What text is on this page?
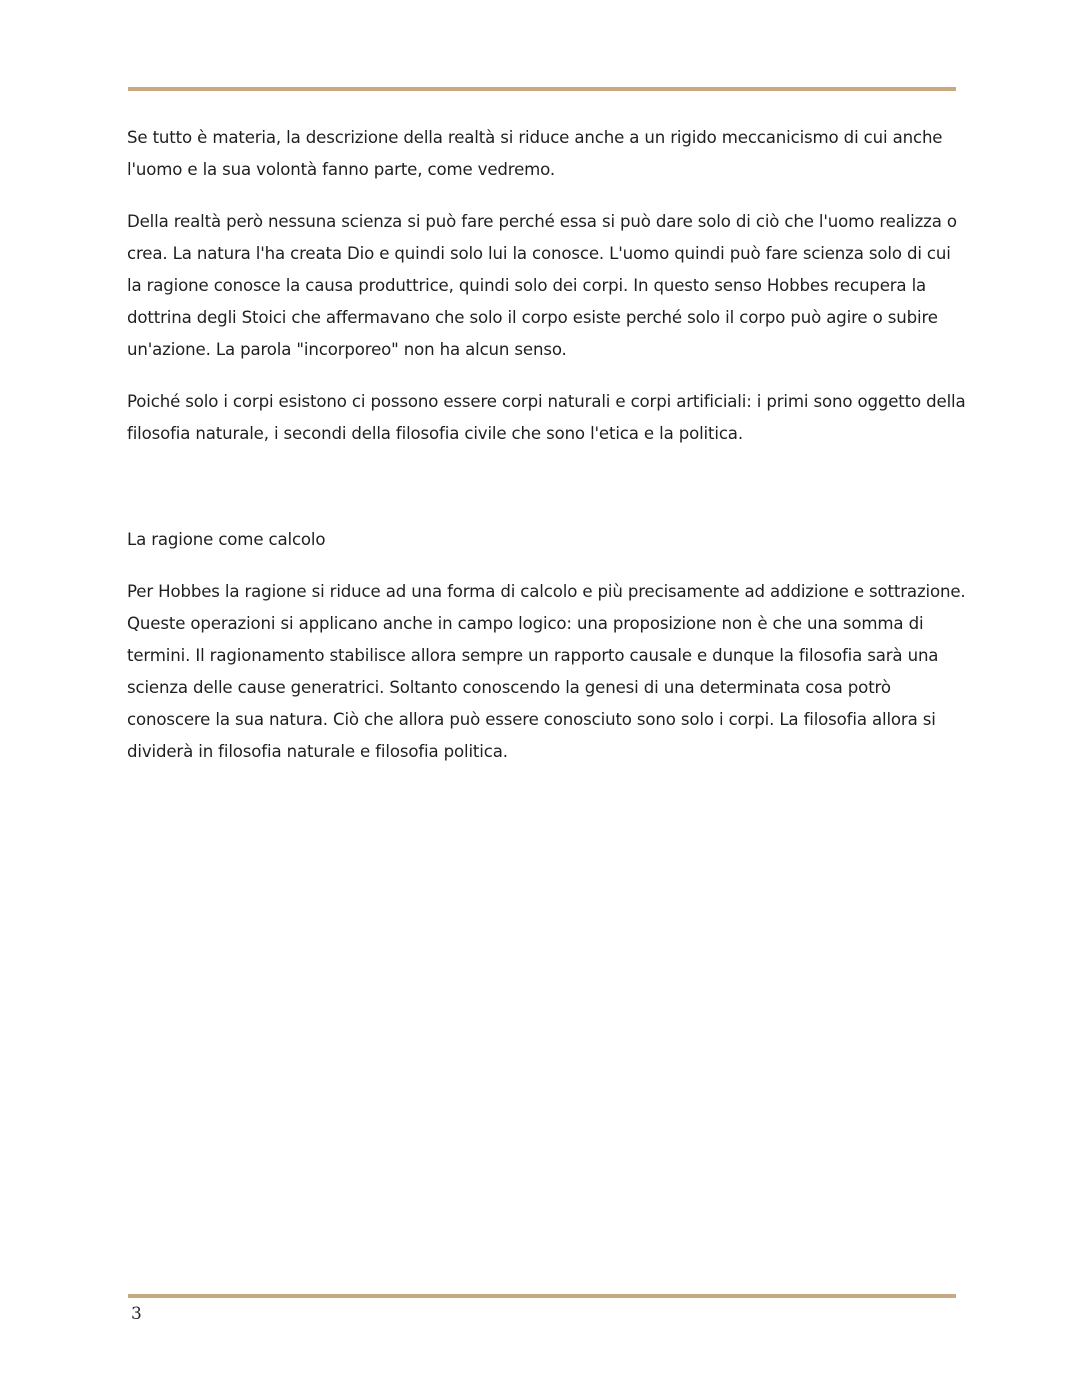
Se tutto è materia, la descrizione della realtà si riduce anche a un rigido meccanicismo di cui anche l'uomo e la sua volontà fanno parte, come vedremo.

Della realtà però nessuna scienza si può fare perché essa si può dare solo di ciò che l'uomo realizza o crea. La natura l'ha creata Dio e quindi solo lui la conosce. L'uomo quindi può fare scienza solo di cui la ragione conosce la causa produttrice, quindi solo dei corpi. In questo senso Hobbes recupera la dottrina degli Stoici che affermavano che solo il corpo esiste perché solo il corpo può agire o subire un'azione. La parola "incorporeo" non ha alcun senso.

Poiché solo i corpi esistono ci possono essere corpi naturali e corpi artificiali: i primi sono oggetto della filosofia naturale, i secondi della filosofia civile che sono l'etica e la politica.

La ragione come calcolo

Per Hobbes la ragione si riduce ad una forma di calcolo e più precisamente ad addizione e sottrazione. Queste operazioni si applicano anche in campo logico: una proposizione non è che una somma di termini. Il ragionamento stabilisce allora sempre un rapporto causale e dunque la filosofia sarà una scienza delle cause generatrici. Soltanto conoscendo la genesi di una determinata cosa potrò conoscere la sua natura. Ciò che allora può essere conosciuto sono solo i corpi. La filosofia allora si dividerà in filosofia naturale e filosofia politica.

3
